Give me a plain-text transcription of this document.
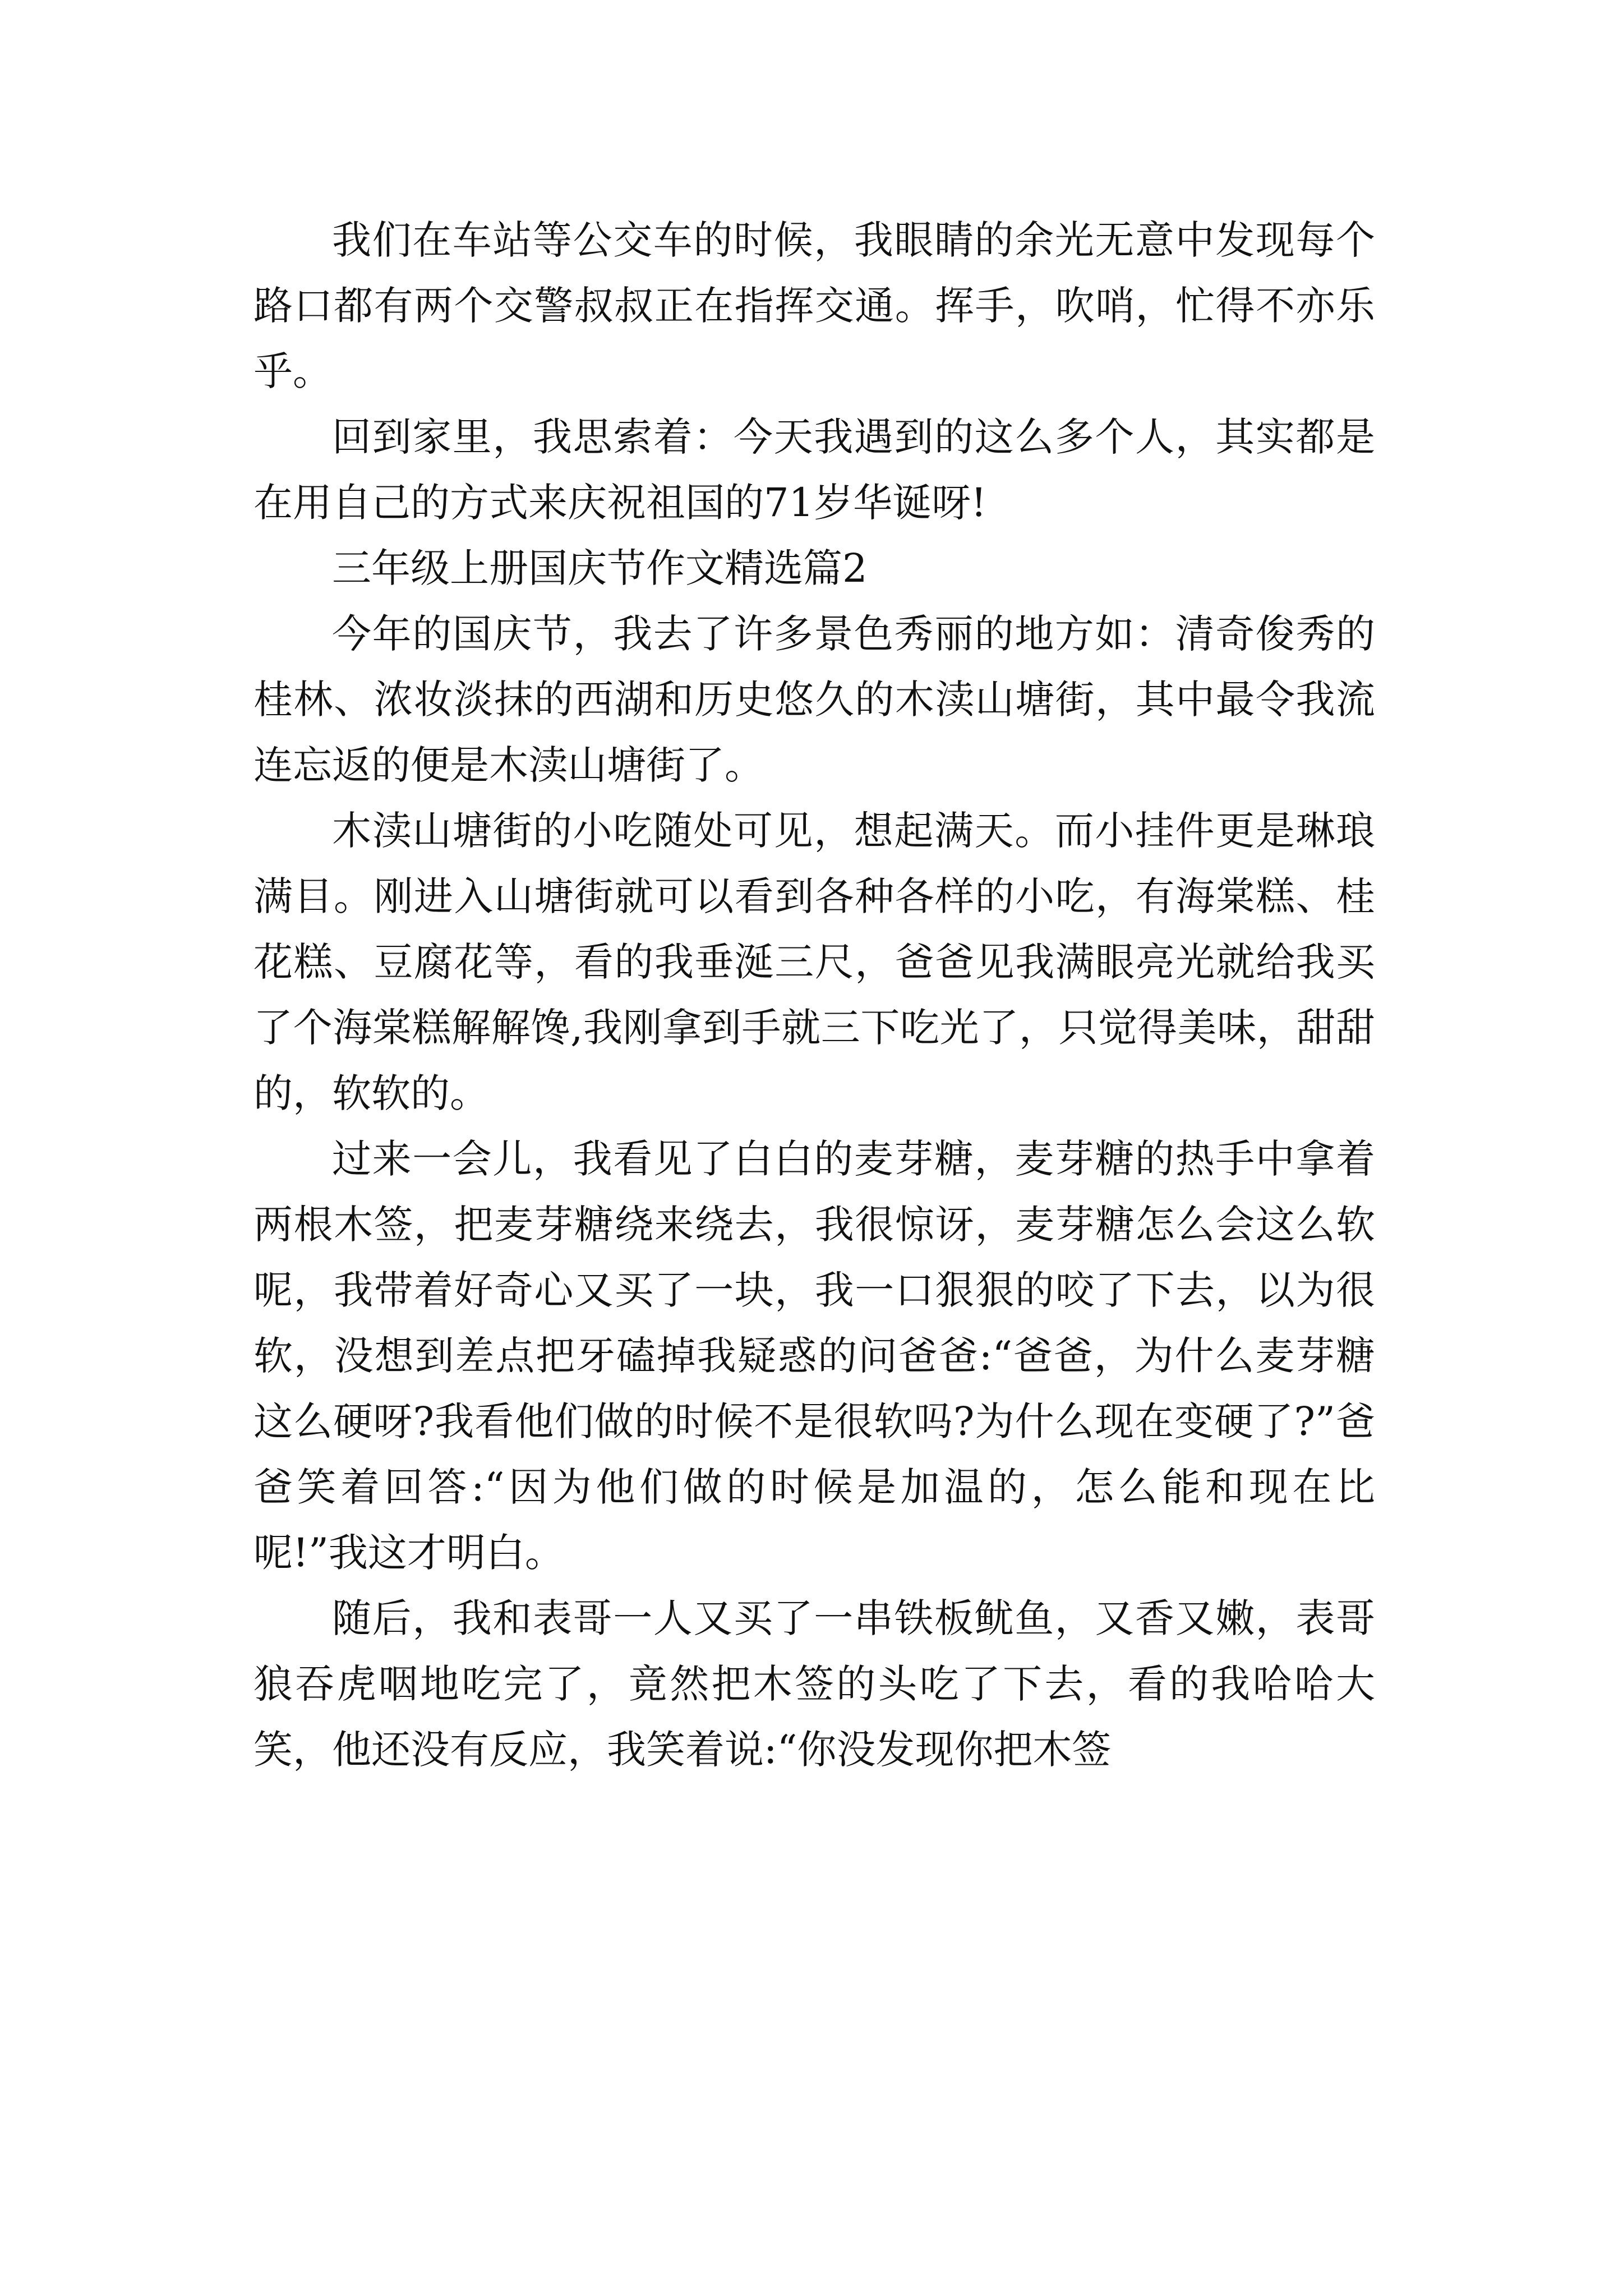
我们在车站等公交车的时候，我眼睛的余光无意中发现每个路口都有两个交警叔叔正在指挥交通。挥手，吹哨，忙得不亦乐乎。

回到家里，我思索着：今天我遇到的这么多个人，其实都是在用自己的方式来庆祝祖国的71岁华诞呀!

三年级上册国庆节作文精选篇2

今年的国庆节，我去了许多景色秀丽的地方如：清奇俊秀的桂林、浓妆淡抹的西湖和历史悠久的木渎山塘街，其中最令我流连忘返的便是木渎山塘街了。

木渎山塘街的小吃随处可见，想起满天。而小挂件更是琳琅满目。刚进入山塘街就可以看到各种各样的小吃，有海棠糕、桂花糕、豆腐花等，看的我垂涎三尺，爸爸见我满眼亮光就给我买了个海棠糕解解馋,我刚拿到手就三下吃光了，只觉得美味，甜甜的，软软的。

过来一会儿，我看见了白白的麦芽糖，麦芽糖的热手中拿着两根木签，把麦芽糖绕来绕去，我很惊讶，麦芽糖怎么会这么软呢，我带着好奇心又买了一块，我一口狠狠的咬了下去，以为很软，没想到差点把牙磕掉我疑惑的问爸爸:“爸爸，为什么麦芽糖这么硬呀?我看他们做的时候不是很软吗?为什么现在变硬了?”爸爸笑着回答:“因为他们做的时候是加温的，怎么能和现在比呢!”我这才明白。

随后，我和表哥一人又买了一串铁板鱿鱼，又香又嫩，表哥狼吞虎咽地吃完了，竟然把木签的头吃了下去，看的我哈哈大笑，他还没有反应，我笑着说:“你没发现你把木签
